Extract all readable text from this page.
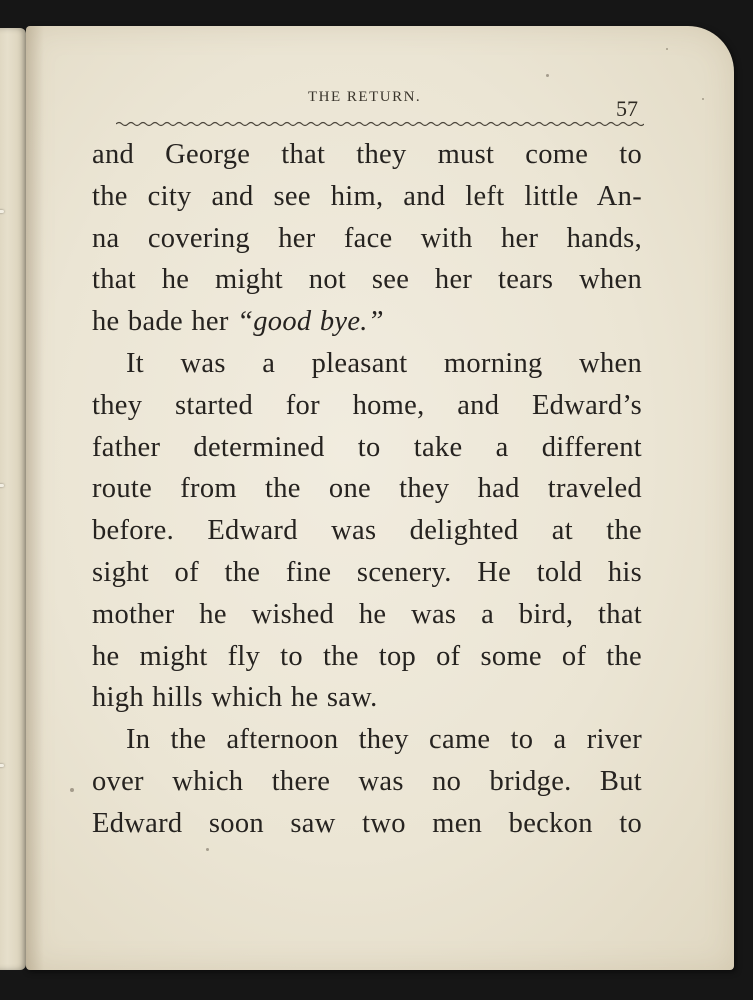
THE RETURN.	57
and George that they must come to
the city and see him, and left little An-
na covering her face with her hands,
that he might not see her tears when
he bade her “good bye.”
It was a pleasant morning when
they started for home, and Edward’s
father determined to take a different
route from the one they had traveled
before. Edward was delighted at the
sight of the fine scenery. He told his
mother he wished he was a bird, that
he might fly to the top of some of the
high hills which he saw.
In the afternoon they came to a river
over which there was no bridge. But
Edward soon saw two men beckon to
